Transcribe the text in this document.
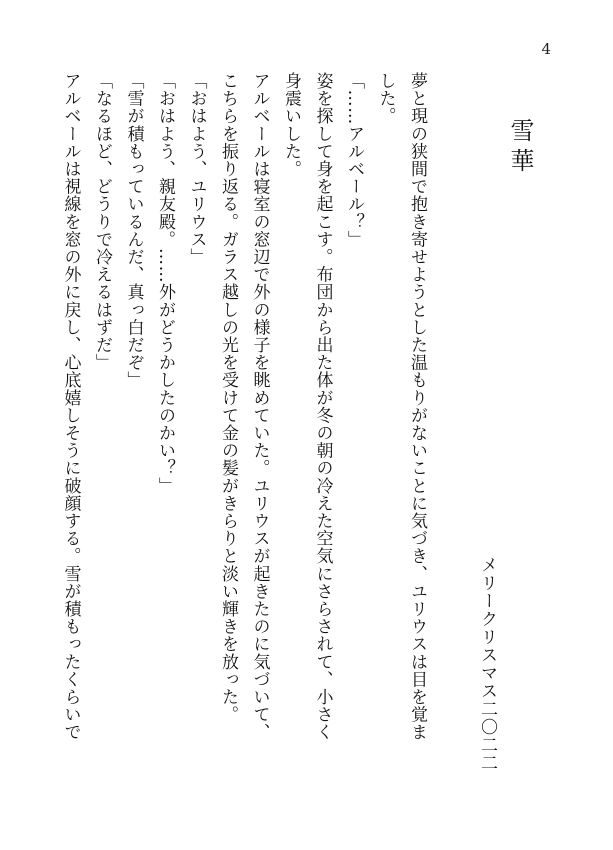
4
雪華
メリークリスマス二〇二二
夢と現の狭間で抱き寄せようとした温もりがないことに気づき、ユリウスは目を覚ま
した。
「……アルベール？」
姿を探して身を起こす。布団から出た体が冬の朝の冷えた空気にさらされて、小さく
身震いした。
アルベールは寝室の窓辺で外の様子を眺めていた。ユリウスが起きたのに気づいて、
こちらを振り返る。ガラス越しの光を受けて金の髪がきらりと淡い輝きを放った。
「おはよう、ユリウス」
「おはよう、親友殿。……外がどうかしたのかい？」
「雪が積もっているんだ、真っ白だぞ」
「なるほど、どうりで冷えるはずだ」
アルベールは視線を窓の外に戻し、心底嬉しそうに破顔する。雪が積もったくらいで
